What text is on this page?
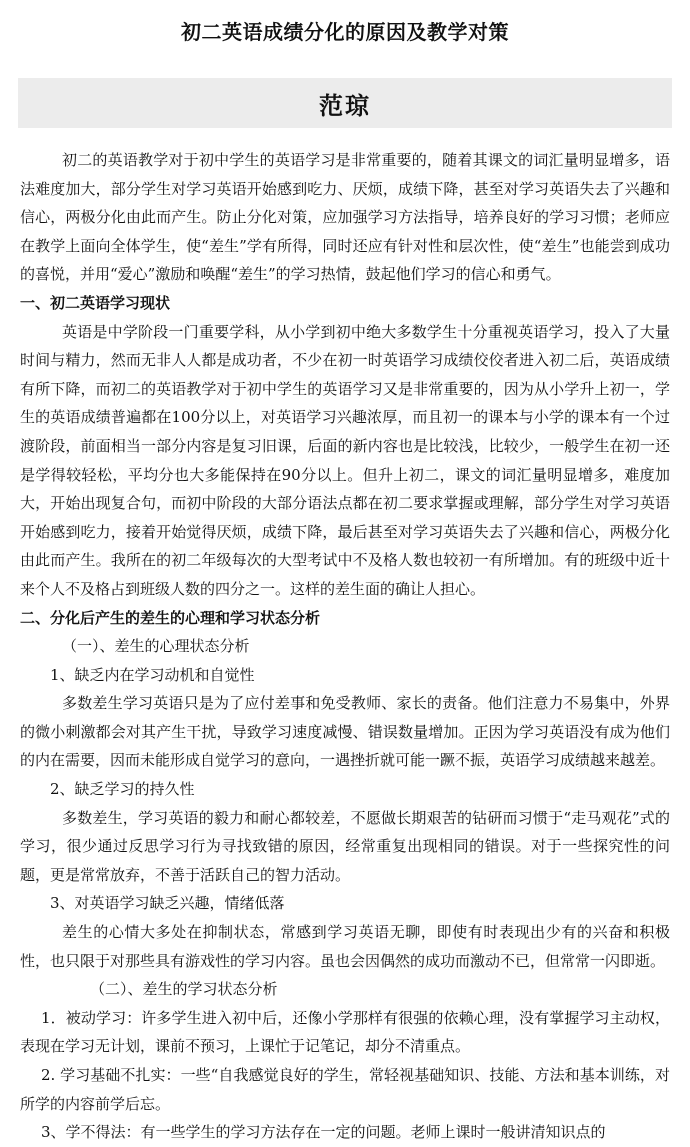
初二英语成绩分化的原因及教学对策
范琼

初二的英语教学对于初中学生的英语学习是非常重要的，随着其课文的词汇量明显增多，语法难度加大，部分学生对学习英语开始感到吃力、厌烦，成绩下降，甚至对学习英语失去了兴趣和信心，两极分化由此而产生。防止分化对策，应加强学习方法指导，培养良好的学习习惯；老师应在教学上面向全体学生，使“差生”学有所得，同时还应有针对性和层次性，使“差生”也能尝到成功的喜悦，并用“爱心”激励和唤醒“差生”的学习热情，鼓起他们学习的信心和勇气。

一、初二英语学习现状

英语是中学阶段一门重要学科，从小学到初中绝大多数学生十分重视英语学习，投入了大量时间与精力，然而无非人人都是成功者，不少在初一时英语学习成绩佼佼者进入初二后，英语成绩有所下降，而初二的英语教学对于初中学生的英语学习又是非常重要的，因为从小学升上初一，学生的英语成绩普遍都在100分以上，对英语学习兴趣浓厚，而且初一的课本与小学的课本有一个过渡阶段，前面相当一部分内容是复习旧课，后面的新内容也是比较浅，比较少，一般学生在初一还是学得较轻松，平均分也大多能保持在90分以上。但升上初二，课文的词汇量明显增多，难度加大，开始出现复合句，而初中阶段的大部分语法点都在初二要求掌握或理解，部分学生对学习英语开始感到吃力，接着开始觉得厌烦，成绩下降，最后甚至对学习英语失去了兴趣和信心，两极分化由此而产生。我所在的初二年级每次的大型考试中不及格人数也较初一有所增加。有的班级中近十来个人不及格占到班级人数的四分之一。这样的差生面的确让人担心。

二、分化后产生的差生的心理和学习状态分析

（一）、差生的心理状态分析

1、缺乏内在学习动机和自觉性

多数差生学习英语只是为了应付差事和免受教师、家长的责备。他们注意力不易集中，外界的微小刺激都会对其产生干扰，导致学习速度减慢、错误数量增加。正因为学习英语没有成为他们的内在需要，因而未能形成自觉学习的意向，一遇挫折就可能一蹶不振，英语学习成绩越来越差。

2、缺乏学习的持久性

多数差生，学习英语的毅力和耐心都较差，不愿做长期艰苦的钻研而习惯于“走马观花”式的学习，很少通过反思学习行为寻找致错的原因，经常重复出现相同的错误。对于一些探究性的问题，更是常常放弃，不善于活跃自己的智力活动。

3、对英语学习缺乏兴趣，情绪低落

差生的心情大多处在抑制状态，常感到学习英语无聊，即使有时表现出少有的兴奋和积极性，也只限于对那些具有游戏性的学习内容。虽也会因偶然的成功而激动不已，但常常一闪即逝。

（二）、差生的学习状态分析

1．被动学习：许多学生进入初中后，还像小学那样有很强的依赖心理，没有掌握学习主动权，表现在学习无计划，课前不预习，上课忙于记笔记，却分不清重点。

2. 学习基础不扎实：一些“自我感觉良好的学生，常轻视基础知识、技能、方法和基本训练，对所学的内容前学后忘。

3、学不得法：有一些学生的学习方法存在一定的问题。老师上课时一般讲清知识点的
